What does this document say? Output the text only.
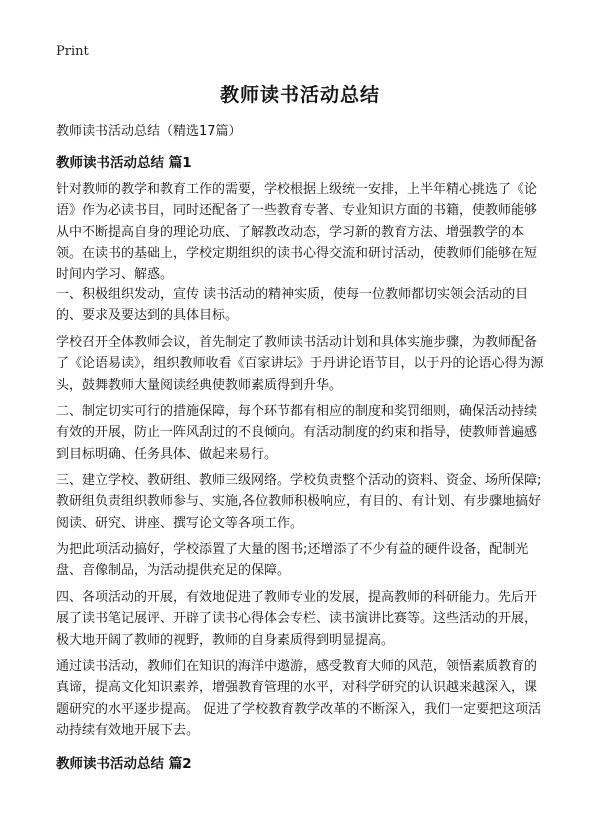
Print
教师读书活动总结
教师读书活动总结（精选17篇）
教师读书活动总结 篇1

针对教师的教学和教育工作的需要，学校根据上级统一安排，上半年精心挑选了《论语》作为必读书目，同时还配备了一些教育专著、专业知识方面的书籍，使教师能够从中不断提高自身的理论功底、了解教改动态，学习新的教育方法、增强教学的本领。在读书的基础上，学校定期组织的读书心得交流和研讨活动，使教师们能够在短时间内学习、解惑。

一、积极组织发动，宣传 读书活动的精神实质，使每一位教师都切实领会活动的目的、要求及要达到的具体目标。

学校召开全体教师会议，首先制定了教师读书活动计划和具体实施步骤，为教师配备了《论语易读》，组织教师收看《百家讲坛》于丹讲论语节目，以于丹的论语心得为源头，鼓舞教师大量阅读经典使教师素质得到升华。

二、制定切实可行的措施保障，每个环节都有相应的制度和奖罚细则，确保活动持续有效的开展，防止一阵风刮过的不良倾向。有活动制度的约束和指导，使教师普遍感到目标明确、任务具体、做起来易行。

三、建立学校、教研组、教师三级网络。学校负责整个活动的资料、资金、场所保障;教研组负责组织教师参与、实施,各位教师积极响应，有目的、有计划、有步骤地搞好阅读、研究、讲座、撰写论文等各项工作。

为把此项活动搞好，学校添置了大量的图书;还增添了不少有益的硬件设备，配制光盘、音像制品，为活动提供充足的保障。

四、各项活动的开展，有效地促进了教师专业的发展，提高教师的科研能力。先后开展了读书笔记展评、开辟了读书心得体会专栏、读书演讲比赛等。这些活动的开展，极大地开阔了教师的视野，教师的自身素质得到明显提高。

通过读书活动，教师们在知识的海洋中遨游，感受教育大师的风范，领悟素质教育的真谛，提高文化知识素养，增强教育管理的水平，对科学研究的认识越来越深入，课题研究的水平逐步提高。 促进了学校教育教学改革的不断深入，我们一定要把这项活动持续有效地开展下去。

教师读书活动总结 篇2
